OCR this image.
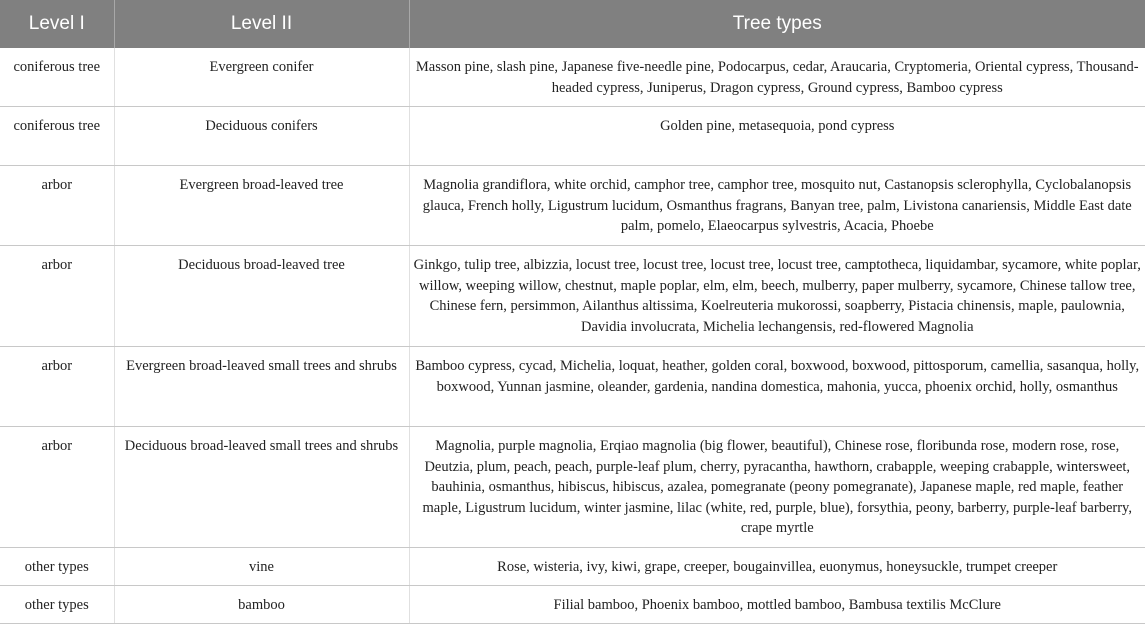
Level I	Level II	Tree types
coniferous tree	Evergreen conifer	Masson pine, slash pine, Japanese five-needle pine, Podocarpus, cedar, Araucaria, Cryptomeria, Oriental cypress, Thousand-headed cypress, Juniperus, Dragon cypress, Ground cypress, Bamboo cypress
coniferous tree	Deciduous conifers	Golden pine, metasequoia, pond cypress
arbor	Evergreen broad-leaved tree	Magnolia grandiflora, white orchid, camphor tree, camphor tree, mosquito nut, Castanopsis sclerophylla, Cyclobalanopsis glauca, French holly, Ligustrum lucidum, Osmanthus fragrans, Banyan tree, palm, Livistona canariensis, Middle East date palm, pomelo, Elaeocarpus sylvestris, Acacia, Phoebe
arbor	Deciduous broad-leaved tree	Ginkgo, tulip tree, albizzia, locust tree, locust tree, locust tree, locust tree, camptotheca, liquidambar, sycamore, white poplar, willow, weeping willow, chestnut, maple poplar, elm, elm, beech, mulberry, paper mulberry, sycamore, Chinese tallow tree, Chinese fern, persimmon, Ailanthus altissima, Koelreuteria mukorossi, soapberry, Pistacia chinensis, maple, paulownia, Davidia involucrata, Michelia lechangensis, red-flowered Magnolia
arbor	Evergreen broad-leaved small trees and shrubs	Bamboo cypress, cycad, Michelia, loquat, heather, golden coral, boxwood, boxwood, pittosporum, camellia, sasanqua, holly, boxwood, Yunnan jasmine, oleander, gardenia, nandina domestica, mahonia, yucca, phoenix orchid, holly, osmanthus
arbor	Deciduous broad-leaved small trees and shrubs	Magnolia, purple magnolia, Erqiao magnolia (big flower, beautiful), Chinese rose, floribunda rose, modern rose, rose, Deutzia, plum, peach, peach, purple-leaf plum, cherry, pyracantha, hawthorn, crabapple, weeping crabapple, wintersweet, bauhinia, osmanthus, hibiscus, hibiscus, azalea, pomegranate (peony pomegranate), Japanese maple, red maple, feather maple, Ligustrum lucidum, winter jasmine, lilac (white, red, purple, blue), forsythia, peony, barberry, purple-leaf barberry, crape myrtle
other types	vine	Rose, wisteria, ivy, kiwi, grape, creeper, bougainvillea, euonymus, honeysuckle, trumpet creeper
other types	bamboo	Filial bamboo, Phoenix bamboo, mottled bamboo, Bambusa textilis McClure
